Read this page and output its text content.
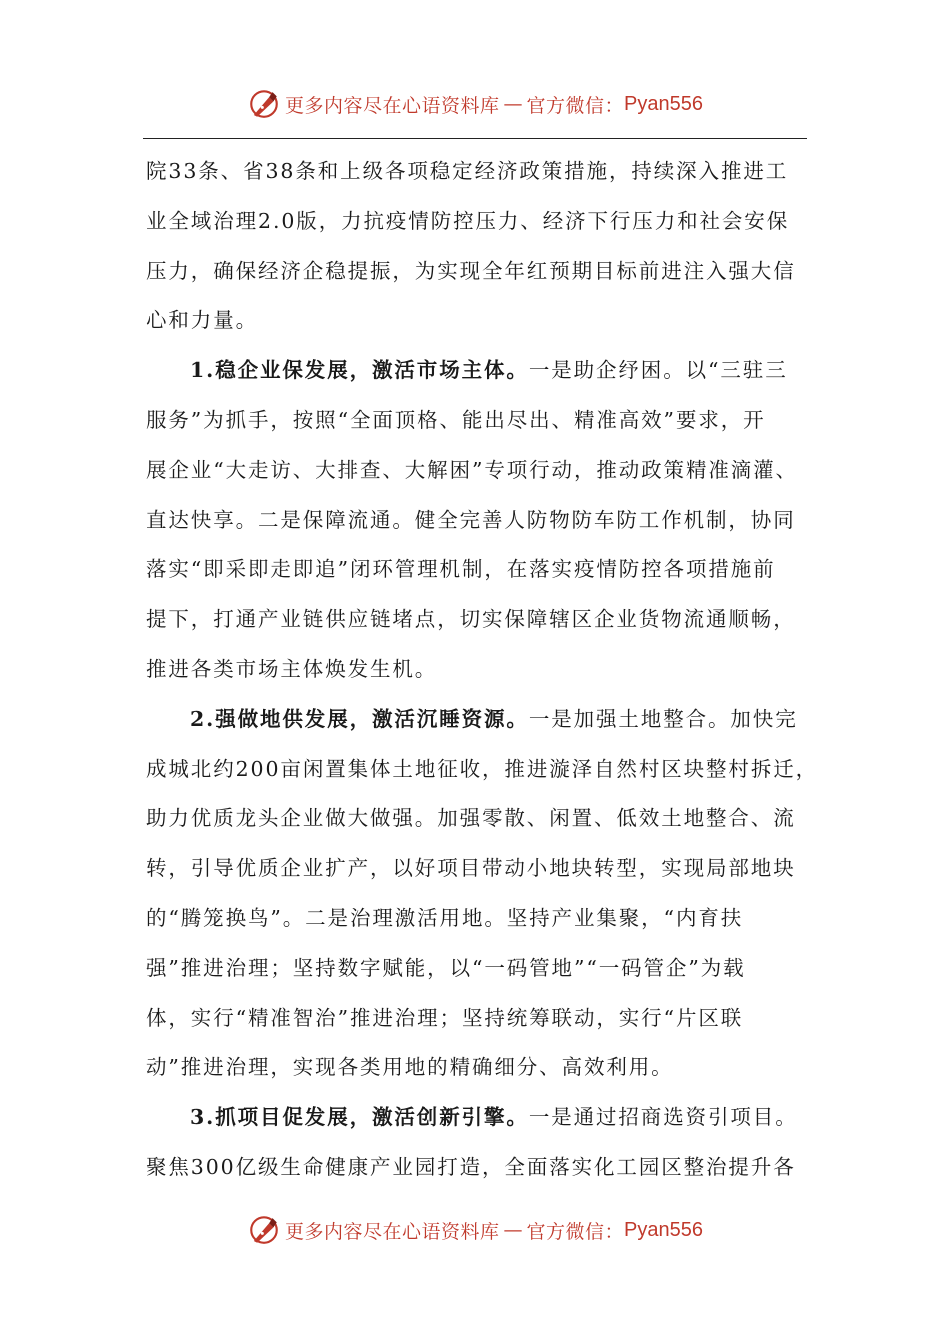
更多内容尽在心语资料库 — 官方微信： Pyan556
院33条、省38条和上级各项稳定经济政策措施，持续深入推进工
业全域治理2.0版，力抗疫情防控压力、经济下行压力和社会安保
压力，确保经济企稳提振，为实现全年红预期目标前进注入强大信
心和力量。
1.稳企业保发展，激活市场主体。一是助企纾困。以“三驻三
服务”为抓手，按照“全面顶格、能出尽出、精准高效”要求，开
展企业“大走访、大排查、大解困”专项行动，推动政策精准滴灌、
直达快享。二是保障流通。健全完善人防物防车防工作机制，协同
落实“即采即走即追”闭环管理机制，在落实疫情防控各项措施前
提下，打通产业链供应链堵点，切实保障辖区企业货物流通顺畅，
推进各类市场主体焕发生机。
2.强做地供发展，激活沉睡资源。一是加强土地整合。加快完
成城北约200亩闲置集体土地征收，推进漩泽自然村区块整村拆迁，
助力优质龙头企业做大做强。加强零散、闲置、低效土地整合、流
转，引导优质企业扩产，以好项目带动小地块转型，实现局部地块
的“腾笼换鸟”。二是治理激活用地。坚持产业集聚，“内育扶
强”推进治理；坚持数字赋能，以“一码管地”“一码管企”为载
体，实行“精准智治”推进治理；坚持统筹联动，实行“片区联
动”推进治理，实现各类用地的精确细分、高效利用。
3.抓项目促发展，激活创新引擎。一是通过招商选资引项目。
聚焦300亿级生命健康产业园打造，全面落实化工园区整治提升各
更多内容尽在心语资料库 — 官方微信： Pyan556
